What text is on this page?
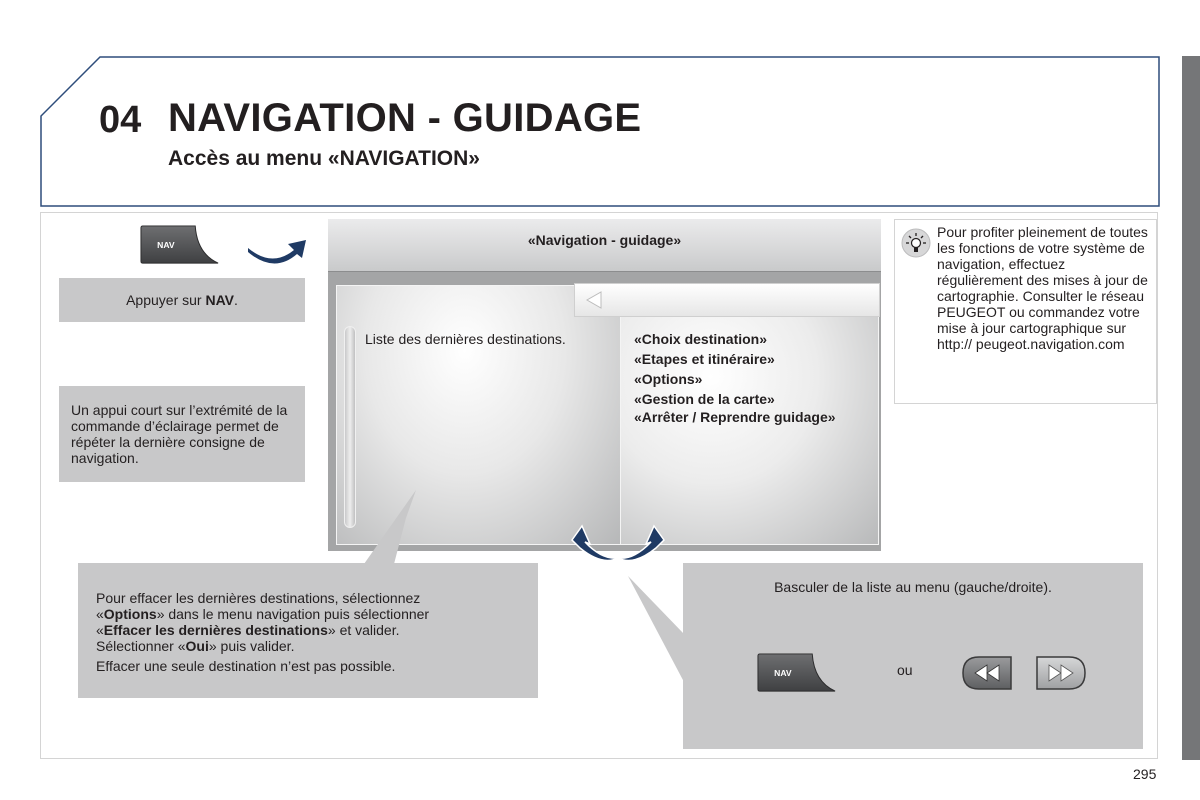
04 NAVIGATION - GUIDAGE
Accès au menu «NAVIGATION»
NAV
Appuyer sur NAV.
Un appui court sur l’extrémité de la commande d’éclairage permet de répéter la dernière consigne de navigation.
«Navigation - guidage»
Liste des dernières destinations.	«Choix destination»
«Etapes et itinéraire»
«Options»
«Gestion de la carte»
«Arrêter / Reprendre guidage»
Pour profiter pleinement de toutes les fonctions de votre système de navigation, effectuez régulièrement des mises à jour de cartographie. Consulter le réseau PEUGEOT ou commandez votre mise à jour cartographique sur http:// peugeot.navigation.com
Pour effacer les dernières destinations, sélectionnez
«Options» dans le menu navigation puis sélectionner
«Effacer les dernières destinations» et valider.
Sélectionner «Oui» puis valider.
Effacer une seule destination n’est pas possible.
Basculer de la liste au menu (gauche/droite).
NAV	ou
295
